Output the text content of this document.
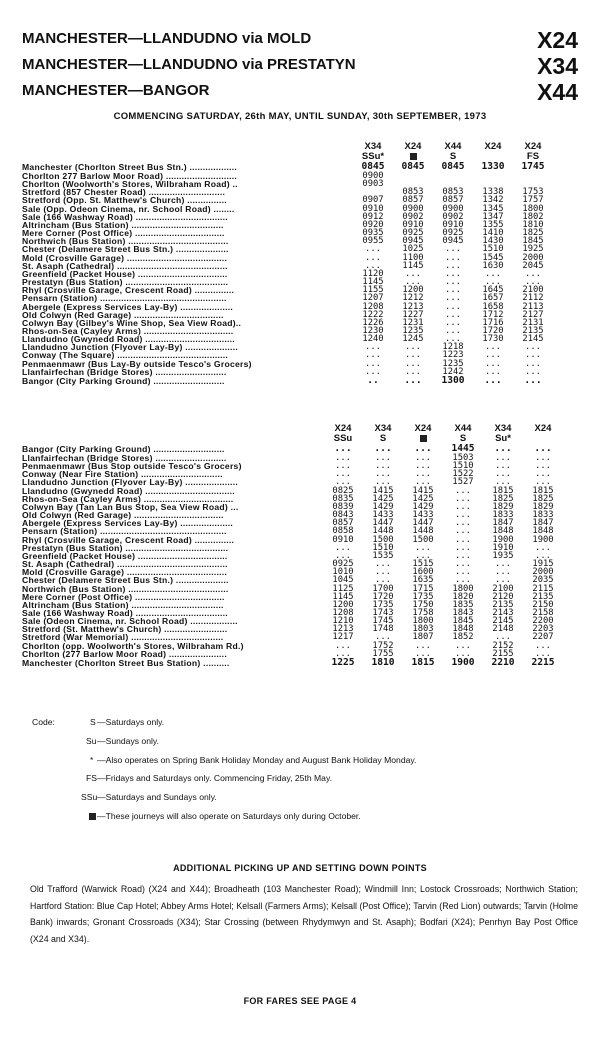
MANCHESTER—LLANDUDNO via MOLD	X24
MANCHESTER—LLANDUDNO via PRESTATYN	X34
MANCHESTER—BANGOR	X44
COMMENCING SATURDAY, 26th MAY, UNTIL SUNDAY, 30th SEPTEMBER, 1973
	X34	X24	X44	X24	X24
	SSu*		S		FS
Manchester (Chorlton Street Bus Stn.) ..................	0845	0845	0845	1330	1745
Chorlton 277 Barlow Moor Road) ...........................	0900				
Chorlton (Woolworth's Stores, Wilbraham Road) ..	0903				
Stretford (857 Chester Road) .............................		0853	0853	1338	1753
Stretford (Opp. St. Matthew's Church) ...............	0907	0857	0857	1342	1757
Sale (Opp. Odeon Cinema, nr. School Road) ........	0910	0900	0900	1345	1800
Sale (166 Washway Road) ...................................	0912	0902	0902	1347	1802
Altrincham (Bus Station) ...................................	0920	0910	0910	1355	1810
Mere Corner (Post Office) ..................................	0935	0925	0925	1410	1825
Northwich (Bus Station) ......................................	0955	0945	0945	1430	1845
Chester (Delamere Street Bus Stn.) ....................	...	1025	...	1510	1925
Mold (Crosville Garage) ......................................	...	1100	...	1545	2000
St. Asaph (Cathedral) ..........................................	...	1145	...	1630	2045
Greenfield (Packet House) ..................................	1120	...	...	...	...
Prestatyn (Bus Station) .......................................	1145	...	...	...	...
Rhyl (Crosville Garage, Crescent Road) ...............	1155	1200	...	1645	2100
Pensarn (Station) ................................................	1207	1212	...	1657	2112
Abergele (Express Services Lay-By) ....................	1208	1213	...	1658	2113
Old Colwyn (Red Garage) ..................................	1222	1227	...	1712	2127
Colwyn Bay (Gilbey's Wine Shop, Sea View Road)..	1226	1231	...	1716	2131
Rhos-on-Sea (Cayley Arms) ..................................	1230	1235	...	1720	2135
Llandudno (Gwynedd Road) ..................................	1240	1245	...	1730	2145
Llandudno Junction (Flyover Lay-By) ....................	...	...	1218	...	...
Conway (The Square) ..........................................	...	...	1223	...	...
Penmaenmawr (Bus Lay-By outside Tesco's Grocers)	...	...	1235	...	...
Llanfairfechan (Bridge Stores) ...........................	...	...	1242	...	...
Bangor (City Parking Ground) ...........................	..	...	1300	...	...
	X24	X34	X24	X44	X34	X24
	SSu	S		S	Su*	
Bangor (City Parking Ground) ...........................	...	...	...	1445	...	...
Llanfairfechan (Bridge Stores) ...........................	...	...	...	1503	...	...
Penmaenmawr (Bus Stop outside Tesco's Grocers)	...	...	...	1510	...	...
Conway (Near Fire Station) ...............................	...	...	...	1522	...	...
Llandudno Junction (Flyover Lay-By) ....................	...	...	...	1527	...	...
Llandudno (Gwynedd Road) ..................................	0825	1415	1415	...	1815	1815
Rhos-on-Sea (Cayley Arms) ..................................	0835	1425	1425	...	1825	1825
Colwyn Bay (Tan Lan Bus Stop, Sea View Road) ...	0839	1429	1429	...	1829	1829
Old Colwyn (Red Garage) ..................................	0843	1433	1433	...	1833	1833
Abergele (Express Services Lay-By) ....................	0857	1447	1447	...	1847	1847
Pensarn (Station) ................................................	0858	1448	1448	...	1848	1848
Rhyl (Crosville Garage, Crescent Road) ...............	0910	1500	1500	...	1900	1900
Prestatyn (Bus Station) .......................................	...	1510	...	...	1910	...
Greenfield (Packet House) ..................................	...	1535	...	...	1935	...
St. Asaph (Cathedral) ..........................................	0925	...	1515	...	...	1915
Mold (Crosville Garage) ......................................	1010	...	1600	...	...	2000
Chester (Delamere Street Bus Stn.) ....................	1045	...	1635	...	...	2035
Northwich (Bus Station) ......................................	1125	1700	1715	1800	2100	2115
Mere Corner (Post Office) ..................................	1145	1720	1735	1820	2120	2135
Altrincham (Bus Station) ...................................	1200	1735	1750	1835	2135	2150
Sale (166 Washway Road) ...................................	1208	1743	1758	1843	2143	2158
Sale (Odeon Cinema, nr. School Road) ..................	1210	1745	1800	1845	2145	2200
Stretford (St. Matthew's Church) ........................	1213	1748	1803	1848	2148	2203
Stretford (War Memorial) ...................................	1217	...	1807	1852	...	2207
Chorlton (opp. Woolworth's Stores, Wilbraham Rd.)	...	1752	...	...	2152	...
Chorlton (277 Barlow Moor Road) ......................	...	1755	...	...	2155	...
Manchester (Chorlton Street Bus Station) ..........	1225	1810	1815	1900	2210	2215
Code:	S —Saturdays only.
Su —Sundays only.
* —Also operates on Spring Bank Holiday Monday and August Bank Holiday Monday.
FS —Fridays and Saturdays only. Commencing Friday, 25th May.
SSu —Saturdays and Sundays only.
—These journeys will also operate on Saturdays only during October.
ADDITIONAL PICKING UP AND SETTING DOWN POINTS
Old Trafford (Warwick Road) (X24 and X44); Broadheath (103 Manchester Road); Windmill Inn; Lostock Crossroads; Northwich Station; Hartford Station: Blue Cap Hotel; Abbey Arms Hotel; Kelsall (Farmers Arms); Kelsall (Post Office); Tarvin (Red Lion) outwards; Tarvin (Holme Bank) inwards; Gronant Crossroads (X34); Star Crossing (between Rhydymwyn and St. Asaph); Bodfari (X24); Penrhyn Bay Post Office (X24 and X34).
FOR FARES SEE PAGE 4
